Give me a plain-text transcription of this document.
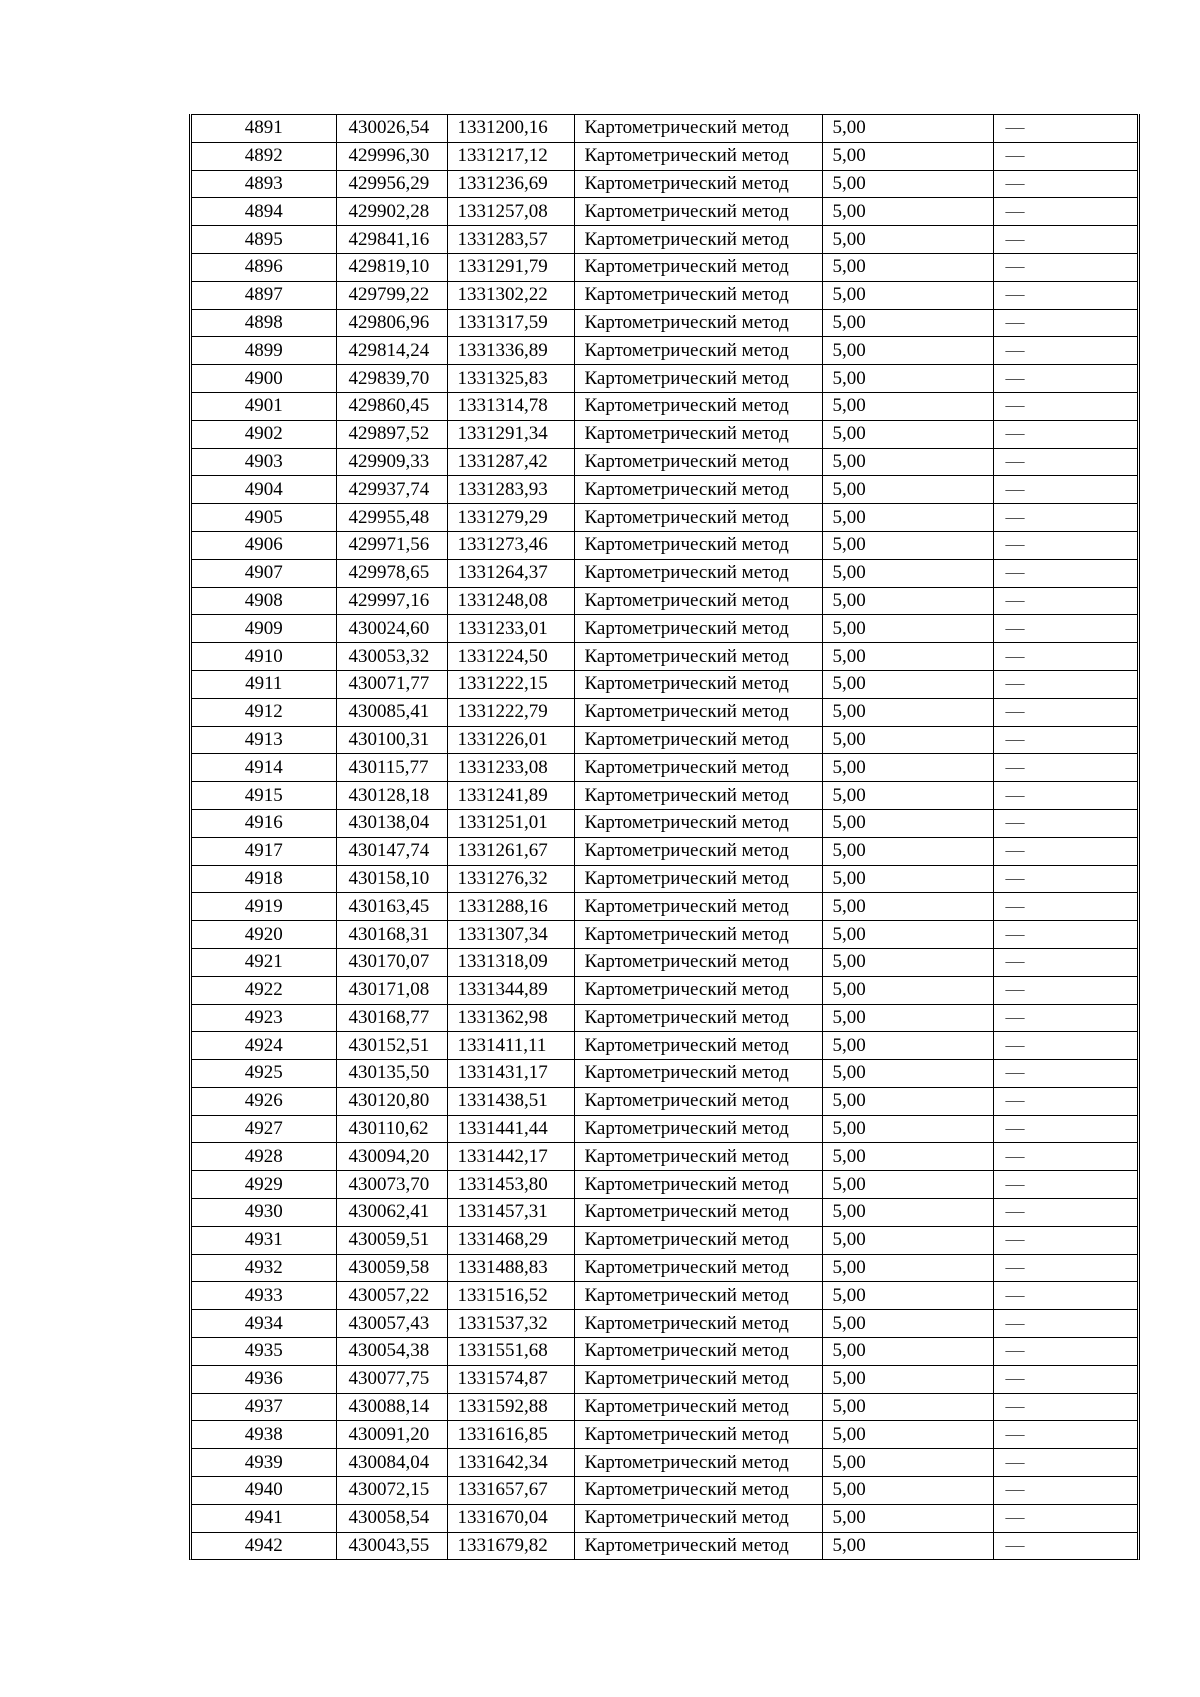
4891	430026,54	1331200,16	Картометрический метод	5,00	—
4892	429996,30	1331217,12	Картометрический метод	5,00	—
4893	429956,29	1331236,69	Картометрический метод	5,00	—
4894	429902,28	1331257,08	Картометрический метод	5,00	—
4895	429841,16	1331283,57	Картометрический метод	5,00	—
4896	429819,10	1331291,79	Картометрический метод	5,00	—
4897	429799,22	1331302,22	Картометрический метод	5,00	—
4898	429806,96	1331317,59	Картометрический метод	5,00	—
4899	429814,24	1331336,89	Картометрический метод	5,00	—
4900	429839,70	1331325,83	Картометрический метод	5,00	—
4901	429860,45	1331314,78	Картометрический метод	5,00	—
4902	429897,52	1331291,34	Картометрический метод	5,00	—
4903	429909,33	1331287,42	Картометрический метод	5,00	—
4904	429937,74	1331283,93	Картометрический метод	5,00	—
4905	429955,48	1331279,29	Картометрический метод	5,00	—
4906	429971,56	1331273,46	Картометрический метод	5,00	—
4907	429978,65	1331264,37	Картометрический метод	5,00	—
4908	429997,16	1331248,08	Картометрический метод	5,00	—
4909	430024,60	1331233,01	Картометрический метод	5,00	—
4910	430053,32	1331224,50	Картометрический метод	5,00	—
4911	430071,77	1331222,15	Картометрический метод	5,00	—
4912	430085,41	1331222,79	Картометрический метод	5,00	—
4913	430100,31	1331226,01	Картометрический метод	5,00	—
4914	430115,77	1331233,08	Картометрический метод	5,00	—
4915	430128,18	1331241,89	Картометрический метод	5,00	—
4916	430138,04	1331251,01	Картометрический метод	5,00	—
4917	430147,74	1331261,67	Картометрический метод	5,00	—
4918	430158,10	1331276,32	Картометрический метод	5,00	—
4919	430163,45	1331288,16	Картометрический метод	5,00	—
4920	430168,31	1331307,34	Картометрический метод	5,00	—
4921	430170,07	1331318,09	Картометрический метод	5,00	—
4922	430171,08	1331344,89	Картометрический метод	5,00	—
4923	430168,77	1331362,98	Картометрический метод	5,00	—
4924	430152,51	1331411,11	Картометрический метод	5,00	—
4925	430135,50	1331431,17	Картометрический метод	5,00	—
4926	430120,80	1331438,51	Картометрический метод	5,00	—
4927	430110,62	1331441,44	Картометрический метод	5,00	—
4928	430094,20	1331442,17	Картометрический метод	5,00	—
4929	430073,70	1331453,80	Картометрический метод	5,00	—
4930	430062,41	1331457,31	Картометрический метод	5,00	—
4931	430059,51	1331468,29	Картометрический метод	5,00	—
4932	430059,58	1331488,83	Картометрический метод	5,00	—
4933	430057,22	1331516,52	Картометрический метод	5,00	—
4934	430057,43	1331537,32	Картометрический метод	5,00	—
4935	430054,38	1331551,68	Картометрический метод	5,00	—
4936	430077,75	1331574,87	Картометрический метод	5,00	—
4937	430088,14	1331592,88	Картометрический метод	5,00	—
4938	430091,20	1331616,85	Картометрический метод	5,00	—
4939	430084,04	1331642,34	Картометрический метод	5,00	—
4940	430072,15	1331657,67	Картометрический метод	5,00	—
4941	430058,54	1331670,04	Картометрический метод	5,00	—
4942	430043,55	1331679,82	Картометрический метод	5,00	—
